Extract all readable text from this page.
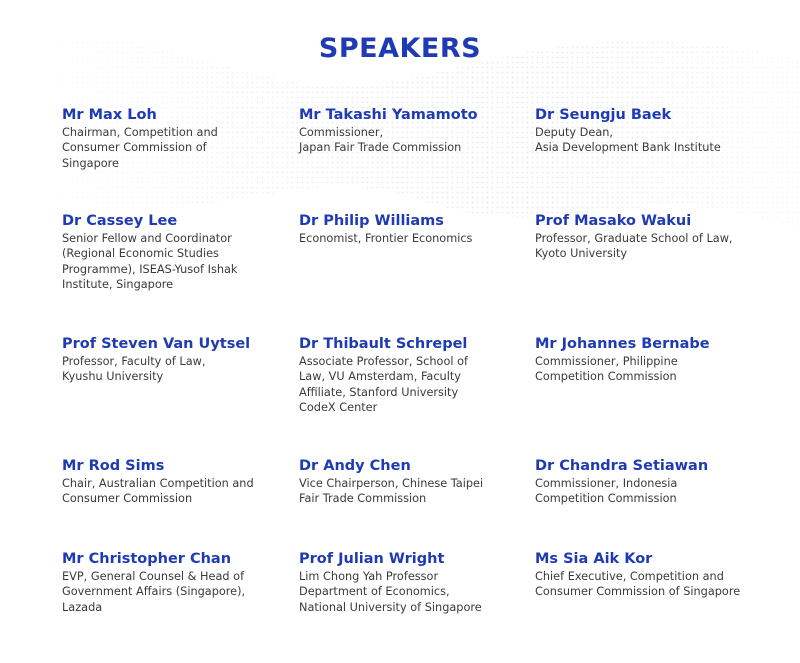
SPEAKERS
Mr Max Loh
Chairman, Competition and
Consumer Commission of
Singapore
Mr Takashi Yamamoto
Commissioner,
Japan Fair Trade Commission
Dr Seungju Baek
Deputy Dean,
Asia Development Bank Institute
Dr Cassey Lee
Senior Fellow and Coordinator
(Regional Economic Studies
Programme), ISEAS-Yusof Ishak
Institute, Singapore
Dr Philip Williams
Economist, Frontier Economics
Prof Masako Wakui
Professor, Graduate School of Law,
Kyoto University
Prof Steven Van Uytsel
Professor, Faculty of Law,
Kyushu University
Dr Thibault Schrepel
Associate Professor, School of
Law, VU Amsterdam, Faculty
Affiliate, Stanford University
CodeX Center
Mr Johannes Bernabe
Commissioner, Philippine
Competition Commission
Mr Rod Sims
Chair, Australian Competition and
Consumer Commission
Dr Andy Chen
Vice Chairperson, Chinese Taipei
Fair Trade Commission
Dr Chandra Setiawan
Commissioner, Indonesia
Competition Commission
Mr Christopher Chan
EVP, General Counsel & Head of
Government Affairs (Singapore),
Lazada
Prof Julian Wright
Lim Chong Yah Professor
Department of Economics,
National University of Singapore
Ms Sia Aik Kor
Chief Executive, Competition and
Consumer Commission of Singapore
